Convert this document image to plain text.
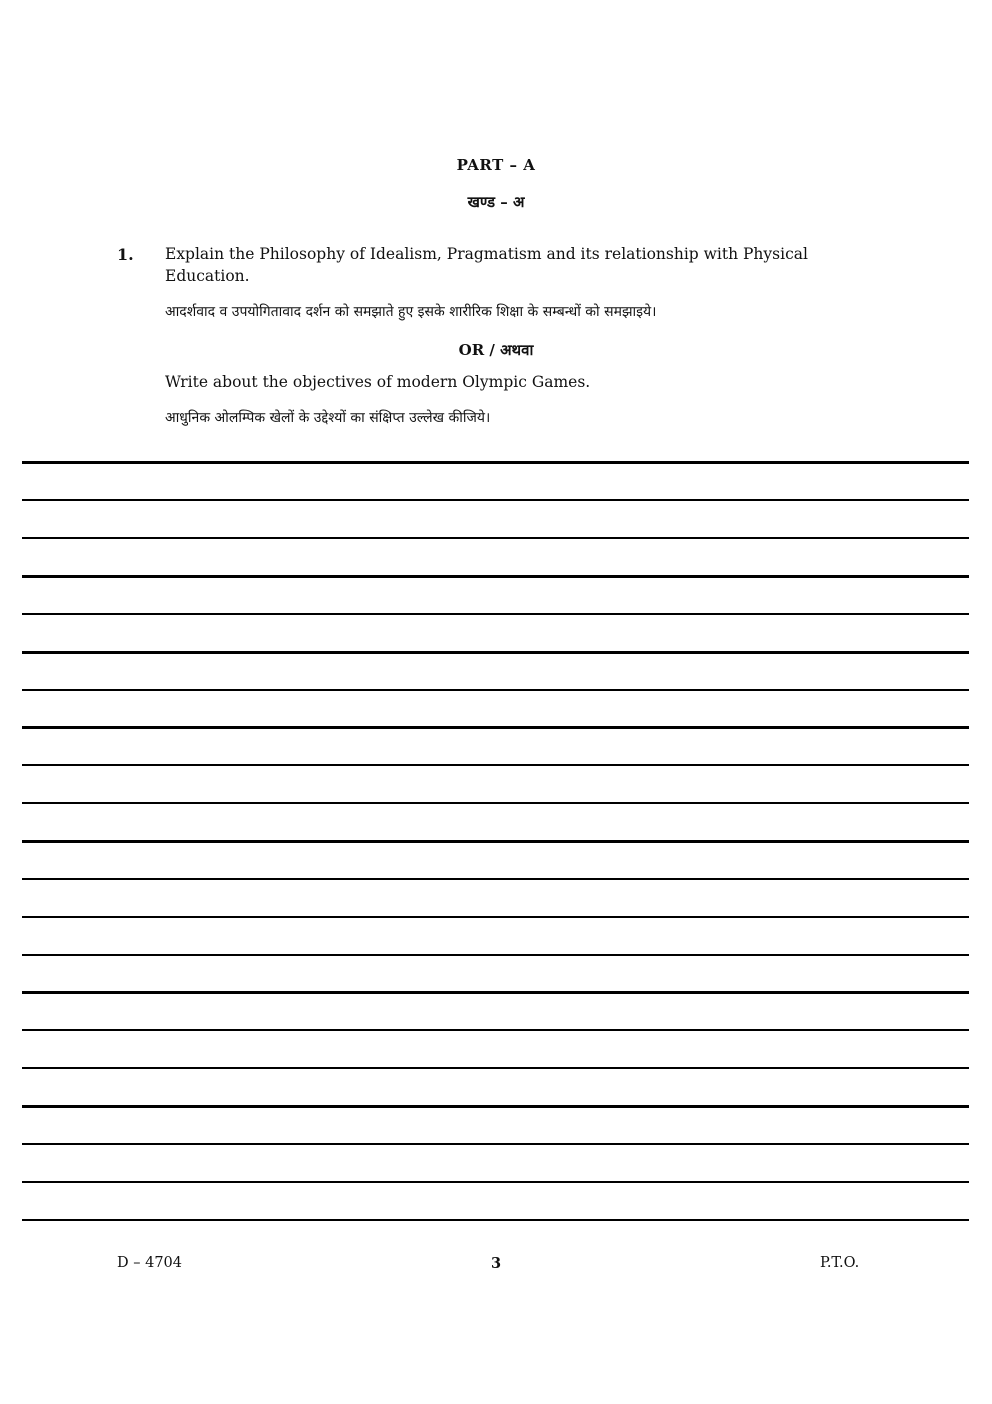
PART – A
खण्ड – अ
1. Explain the Philosophy of Idealism, Pragmatism and its relationship with Physical Education.
आदर्शवाद व उपयोगितावाद दर्शन को समझाते हुए इसके शारीरिक शिक्षा के सम्बन्धों को समझाइये।
OR / अथवा
Write about the objectives of modern Olympic Games.
आधुनिक ओलम्पिक खेलों के उद्देश्यों का संक्षिप्त उल्लेख कीजिये।
D – 4704	3	P.T.O.
